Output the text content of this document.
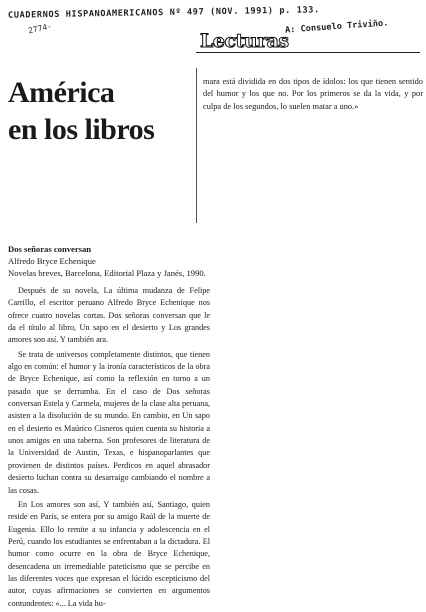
CUADERNOS HISPANOAMERICANOS Nº 497 (NOV. 1991) p. 133.
A: Consuelo Triviño.
2774-
Lecturas
América
en los libros

mara está dividida en dos tipos de ídolos: los que tienen sentido del humor y los que no. Por los primeros se da la vida, y por culpa de los segundos, lo suelen matar a uno.»

Dos señoras conversan

Alfredo Bryce Echenique

Novelas breves, Barcelona, Editorial Plaza y Janés, 1990.

Después de su novela, La última mudanza de Felipe Carrillo, el escritor peruano Alfredo Bryce Echenique nos ofrece cuatro novelas cortas. Dos señoras conversan que le da el título al libro, Un sapo en el desierto y Los grandes amores son así. Y también ara.

Se trata de universos completamente distintos, que tienen algo en común: el humor y la ironía característicos de la obra de Bryce Echenique, así como la reflexión en torno a un pasado que se derrumba. En el caso de Dos señoras conversan Estela y Carmela, mujeres de la clase alta peruana, asisten a la disolución de su mundo. En cambio, en Un sapo en el desierto es Maúrico Cisneros quien cuenta su historia a unos amigos en una taberna. Son profesores de literatura de la Universidad de Austin, Texas, e hispanoparlantes que provienen de distintos países. Perdicos en aquel abrasador desierto luchan contra su desarraigo cambiando el nombre a las cosas.

En Los amores son así, Y también así, Santiago, quien reside en París, se entera por su amigo Raúl de la muerte de Eugenia. Ello lo remite a su infancia y adolescencia en el Perú, cuando los estudiantes se enfrentaban a la dictadura. El humor como ocurre en la obra de Bryce Echenique, desencadena un irremediable pateticismo que se percibe en las diferentes voces que expresan el lúcido escepticismo del autor, cuyas afirmaciones se convierten en argumentos contundentes: «... La vida hu-
